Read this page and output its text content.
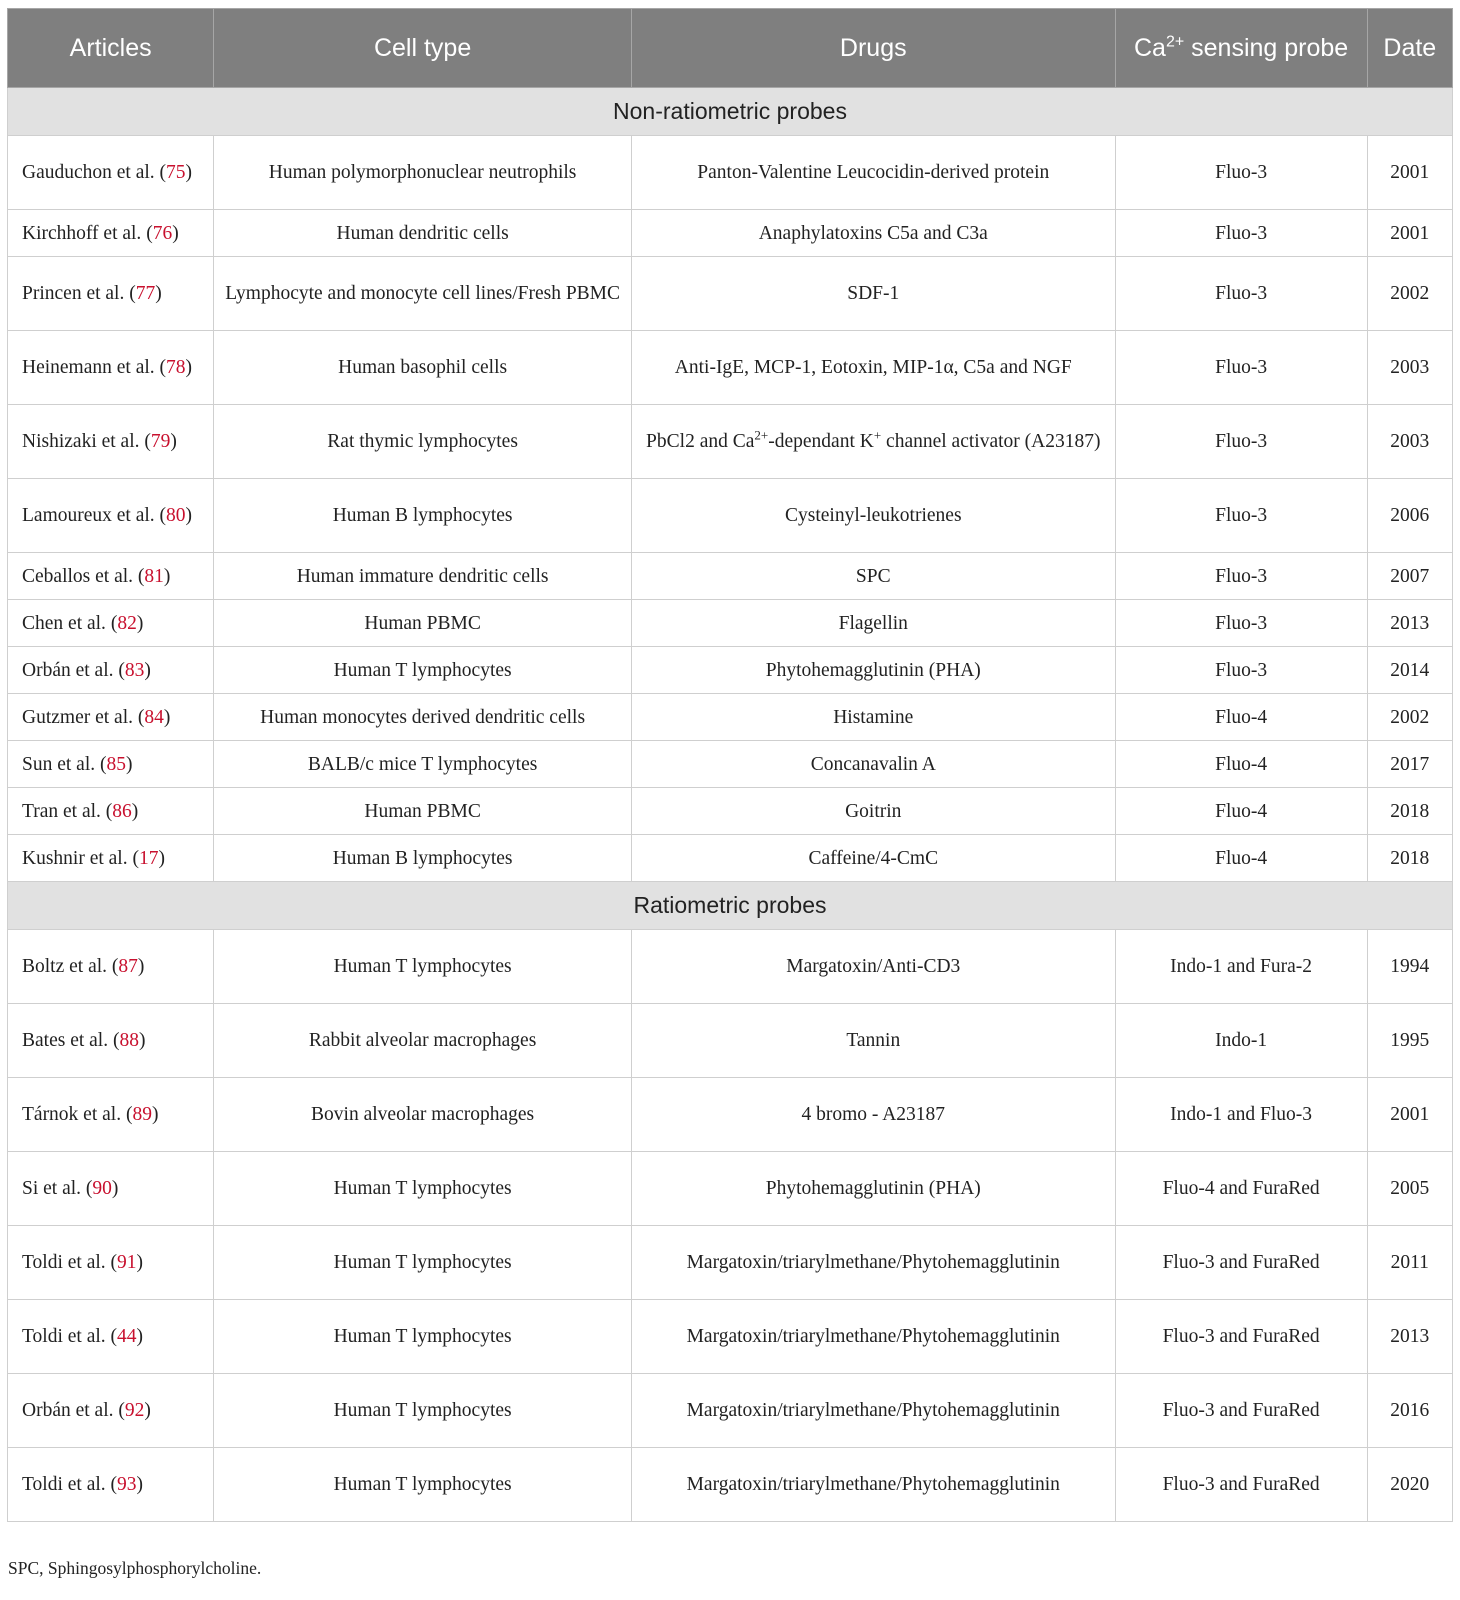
Articles	Cell type	Drugs	$Ca^{2+}$ sensing probe	Date
Non-ratiometric probes				
Gauduchon et al. (75)	Human polymorphonuclear neutrophils	Panton-Valentine Leucocidin-derived protein	Fluo-3	2001
Kirchhoff et al. (76)	Human dendritic cells	Anaphylatoxins C5a and C3a	Fluo-3	2001
Princen et al. (77)	Lymphocyte and monocyte cell lines/Fresh PBMC	SDF-1	Fluo-3	2002
Heinemann et al. (78)	Human basophil cells	Anti-IgE, MCP-1, Eotoxin, MIP-1α, C5a and NGF	Fluo-3	2003
Nishizaki et al. (79)	Rat thymic lymphocytes	PbCl2 and $Ca^{2+}$-dependant K+ channel activator (A23187)	Fluo-3	2003
Lamoureux et al. (80)	Human B lymphocytes	Cysteinyl-leukotrienes	Fluo-3	2006
Ceballos et al. (81)	Human immature dendritic cells	SPC	Fluo-3	2007
Chen et al. (82)	Human PBMC	Flagellin	Fluo-3	2013
Orbán et al. (83)	Human T lymphocytes	Phytohemagglutinin (PHA)	Fluo-3	2014
Gutzmer et al. (84)	Human monocytes derived dendritic cells	Histamine	Fluo-4	2002
Sun et al. (85)	BALB/c mice T lymphocytes	Concanavalin A	Fluo-4	2017
Tran et al. (86)	Human PBMC	Goitrin	Fluo-4	2018
Kushnir et al. (17)	Human B lymphocytes	Caffeine/4-CmC	Fluo-4	2018
Ratiometric probes				
Boltz et al. (87)	Human T lymphocytes	Margatoxin/Anti-CD3	Indo-1 and Fura-2	1994
Bates et al. (88)	Rabbit alveolar macrophages	Tannin	Indo-1	1995
Tárnok et al. (89)	Bovin alveolar macrophages	4 bromo - A23187	Indo-1 and Fluo-3	2001
Si et al. (90)	Human T lymphocytes	Phytohemagglutinin (PHA)	Fluo-4 and FuraRed	2005
Toldi et al. (91)	Human T lymphocytes	Margatoxin/triarylmethane/Phytohemagglutinin	Fluo-3 and FuraRed	2011
Toldi et al. (44)	Human T lymphocytes	Margatoxin/triarylmethane/Phytohemagglutinin	Fluo-3 and FuraRed	2013
Orbán et al. (92)	Human T lymphocytes	Margatoxin/triarylmethane/Phytohemagglutinin	Fluo-3 and FuraRed	2016
Toldi et al. (93)	Human T lymphocytes	Margatoxin/triarylmethane/Phytohemagglutinin	Fluo-3 and FuraRed	2020
SPC, Sphingosylphosphorylcholine.
